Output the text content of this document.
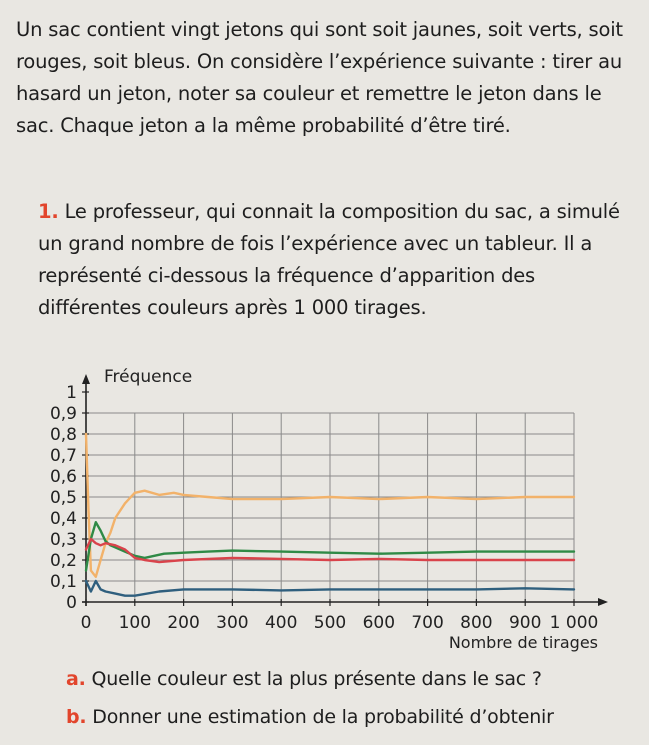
Un sac contient vingt jetons qui sont soit jaunes, soit verts, soit rouges, soit bleus. On considère l’expérience suivante : tirer au hasard un jeton, noter sa couleur et remettre le jeton dans le sac. Chaque jeton a la même probabilité d’être tiré.
1. Le professeur, qui connait la composition du sac, a simulé un grand nombre de fois l’expérience avec un tableur. Il a représenté ci-dessous la fréquence d’apparition des différentes couleurs après 1 000 tirages.
0
0,1
0,2
0,3
0,4
0,5
0,6
0,7
0,8
0,9
1
0 100 200 300 400 500 600 700 800 900 1 000
Fréquence
Nombre de tirages
a. Quelle couleur est la plus présente dans le sac ?
b. Donner une estimation de la probabilité d’obtenir
